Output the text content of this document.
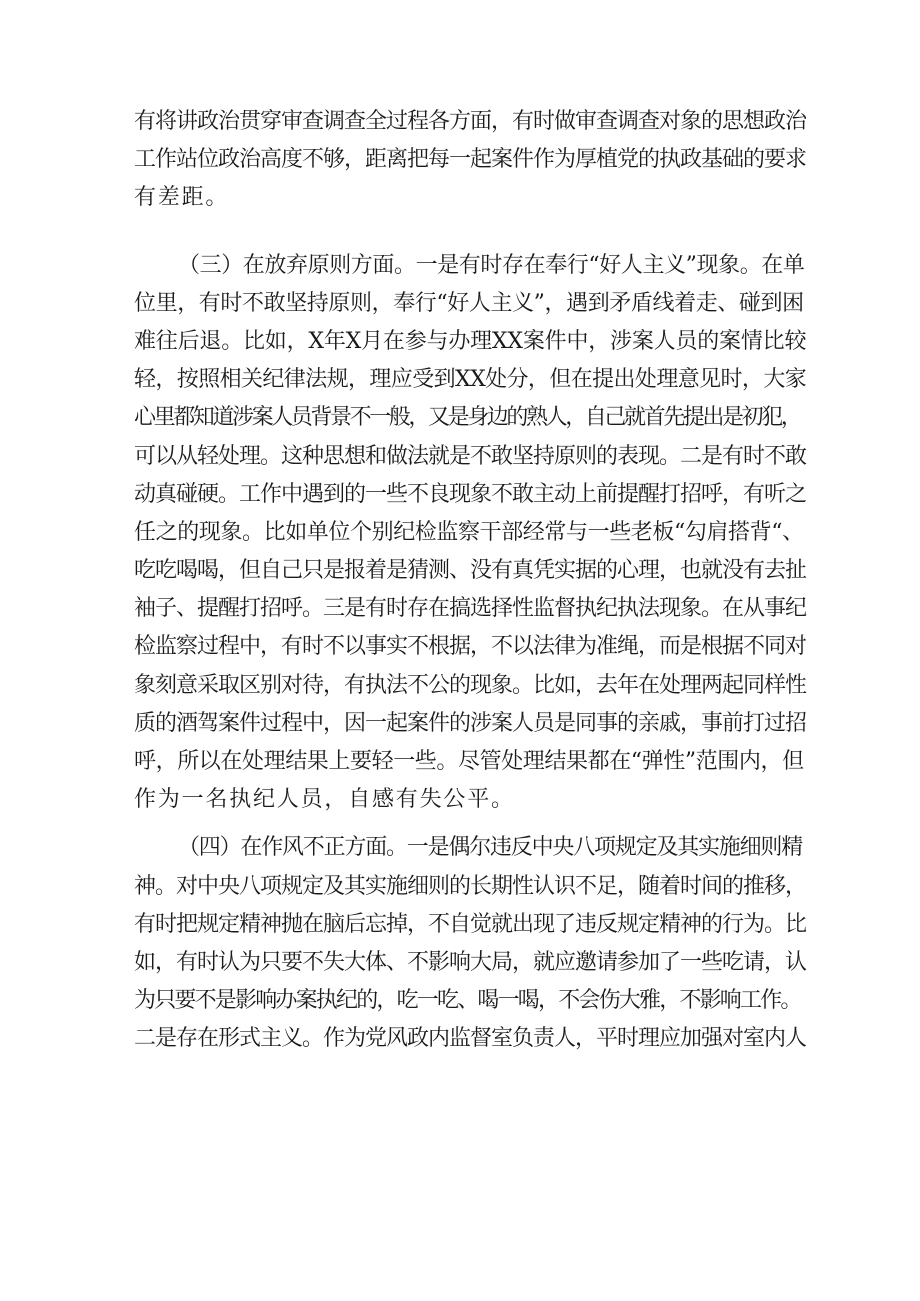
有将讲政治贯穿审查调查全过程各方面，有时做审查调查对象的思想政治
工作站位政治高度不够，距离把每一起案件作为厚植党的执政基础的要求
有差距。
（三）在放弃原则方面。一是有时存在奉行“好人主义”现象。在单
位里，有时不敢坚持原则，奉行“好人主义”，遇到矛盾线着走、碰到困
难往后退。比如，X年X月在参与办理XX案件中，涉案人员的案情比较
轻，按照相关纪律法规，理应受到XX处分，但在提出处理意见时，大家
心里都知道涉案人员背景不一般，又是身边的熟人，自己就首先提出是初犯，
可以从轻处理。这种思想和做法就是不敢坚持原则的表现。二是有时不敢
动真碰硬。工作中遇到的一些不良现象不敢主动上前提醒打招呼，有听之
任之的现象。比如单位个别纪检监察干部经常与一些老板“勾肩搭背“、
吃吃喝喝，但自己只是报着是猜测、没有真凭实据的心理，也就没有去扯
袖子、提醒打招呼。三是有时存在搞选择性监督执纪执法现象。在从事纪
检监察过程中，有时不以事实不根据，不以法律为准绳，而是根据不同对
象刻意采取区别对待，有执法不公的现象。比如，去年在处理两起同样性
质的酒驾案件过程中，因一起案件的涉案人员是同事的亲戚，事前打过招
呼，所以在处理结果上要轻一些。尽管处理结果都在“弹性”范围内，但
作为一名执纪人员，自感有失公平。
（四）在作风不正方面。一是偶尔违反中央八项规定及其实施细则精
神。对中央八项规定及其实施细则的长期性认识不足，随着时间的推移，
有时把规定精神抛在脑后忘掉，不自觉就出现了违反规定精神的行为。比
如，有时认为只要不失大体、不影响大局，就应邀请参加了一些吃请，认
为只要不是影响办案执纪的，吃一吃、喝一喝，不会伤大雅，不影响工作。
二是存在形式主义。作为党风政内监督室负责人，平时理应加强对室内人
